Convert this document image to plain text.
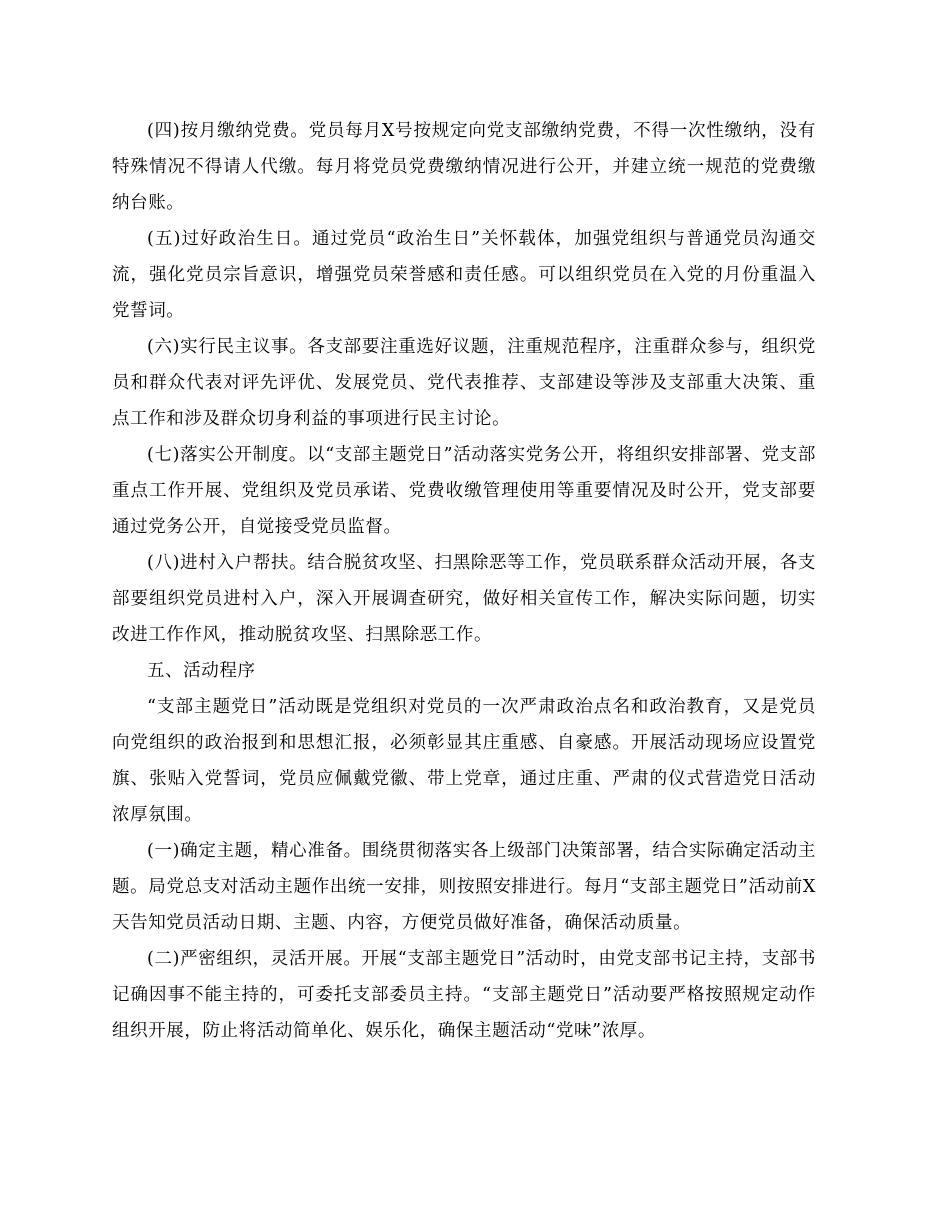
(四)按月缴纳党费。党员每月X号按规定向党支部缴纳党费，不得一次性缴纳，没有特殊情况不得请人代缴。每月将党员党费缴纳情况进行公开，并建立统一规范的党费缴纳台账。

(五)过好政治生日。通过党员“政治生日”关怀载体，加强党组织与普通党员沟通交流，强化党员宗旨意识，增强党员荣誉感和责任感。可以组织党员在入党的月份重温入党誓词。

(六)实行民主议事。各支部要注重选好议题，注重规范程序，注重群众参与，组织党员和群众代表对评先评优、发展党员、党代表推荐、支部建设等涉及支部重大决策、重点工作和涉及群众切身利益的事项进行民主讨论。

(七)落实公开制度。以“支部主题党日”活动落实党务公开，将组织安排部署、党支部重点工作开展、党组织及党员承诺、党费收缴管理使用等重要情况及时公开，党支部要通过党务公开，自觉接受党员监督。

(八)进村入户帮扶。结合脱贫攻坚、扫黑除恶等工作，党员联系群众活动开展，各支部要组织党员进村入户，深入开展调查研究，做好相关宣传工作，解决实际问题，切实改进工作作风，推动脱贫攻坚、扫黑除恶工作。

五、活动程序

“支部主题党日”活动既是党组织对党员的一次严肃政治点名和政治教育，又是党员向党组织的政治报到和思想汇报，必须彰显其庄重感、自豪感。开展活动现场应设置党旗、张贴入党誓词，党员应佩戴党徽、带上党章，通过庄重、严肃的仪式营造党日活动浓厚氛围。

(一)确定主题，精心准备。围绕贯彻落实各上级部门决策部署，结合实际确定活动主题。局党总支对活动主题作出统一安排，则按照安排进行。每月“支部主题党日”活动前X天告知党员活动日期、主题、内容，方便党员做好准备，确保活动质量。

(二)严密组织，灵活开展。开展“支部主题党日”活动时，由党支部书记主持，支部书记确因事不能主持的，可委托支部委员主持。“支部主题党日”活动要严格按照规定动作组织开展，防止将活动简单化、娱乐化，确保主题活动“党味”浓厚。
